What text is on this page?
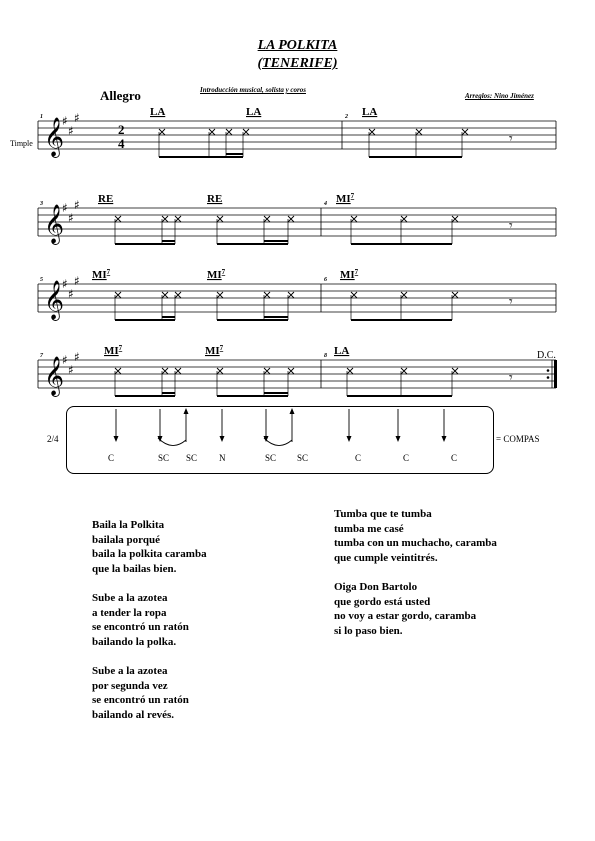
LA POLKITA
(TENERIFE)
Introducción musical, solista y coros
Arreglos: Nino Jiménez
Allegro
𝄞
♯
♯
♯
1
2
4
2
LA	LA	LA
𝄾
𝄞
♯
♯
♯
3	4
RE	RE	$MI^7$
𝄾
𝄞
♯
♯
♯
5	6
$MI^7$	$MI^7$	$MI^7$
𝄾
𝄞
♯
♯
♯
7	8
$MI^7$	$MI^7$	LA
𝄾
Timple
D.C.
2/4	= COMPAS
C	SC SC N	SC SC	C	C	C
Baila la Polkita
bailala porqué
baila la polkita caramba
que la bailas bien.
Sube a la azotea
a tender la ropa
se encontró un ratón
bailando la polka.
Sube a la azotea
por segunda vez
se encontró un ratón
bailando al revés.
Tumba que te tumba
tumba me casé
tumba con un muchacho, caramba
que cumple veintitrés.
Oiga Don Bartolo
que gordo está usted
no voy a estar gordo, caramba
si lo paso bien.
